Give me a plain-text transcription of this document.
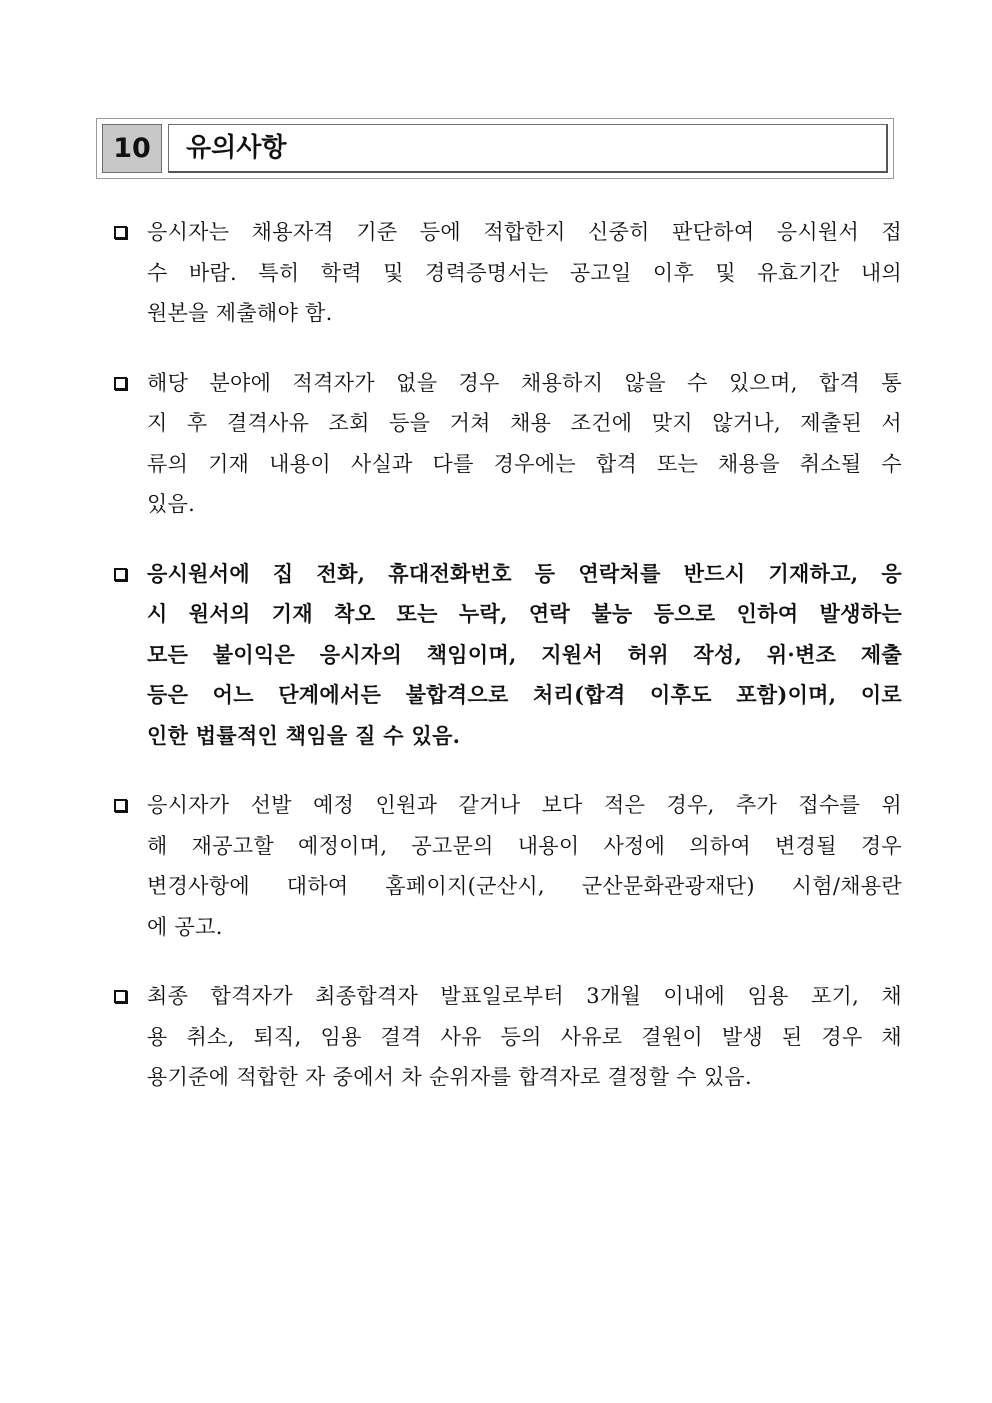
10	유의사항
응시자는 채용자격 기준 등에 적합한지 신중히 판단하여 응시원서 접
수 바람. 특히 학력 및 경력증명서는 공고일 이후 및 유효기간 내의
원본을 제출해야 함.
해당 분야에 적격자가 없을 경우 채용하지 않을 수 있으며, 합격 통
지 후 결격사유 조회 등을 거쳐 채용 조건에 맞지 않거나, 제출된 서
류의 기재 내용이 사실과 다를 경우에는 합격 또는 채용을 취소될 수
있음.
응시원서에 집 전화, 휴대전화번호 등 연락처를 반드시 기재하고, 응
시 원서의 기재 착오 또는 누락, 연락 불능 등으로 인하여 발생하는
모든 불이익은 응시자의 책임이며, 지원서 허위 작성, 위·변조 제출
등은 어느 단계에서든 불합격으로 처리(합격 이후도 포함)이며, 이로
인한 법률적인 책임을 질 수 있음.
응시자가 선발 예정 인원과 같거나 보다 적은 경우, 추가 접수를 위
해 재공고할 예정이며, 공고문의 내용이 사정에 의하여 변경될 경우
변경사항에 대하여 홈페이지(군산시, 군산문화관광재단) 시험/채용란
에 공고.
최종 합격자가 최종합격자 발표일로부터 3개월 이내에 임용 포기, 채
용 취소, 퇴직, 임용 결격 사유 등의 사유로 결원이 발생 된 경우 채
용기준에 적합한 자 중에서 차 순위자를 합격자로 결정할 수 있음.
